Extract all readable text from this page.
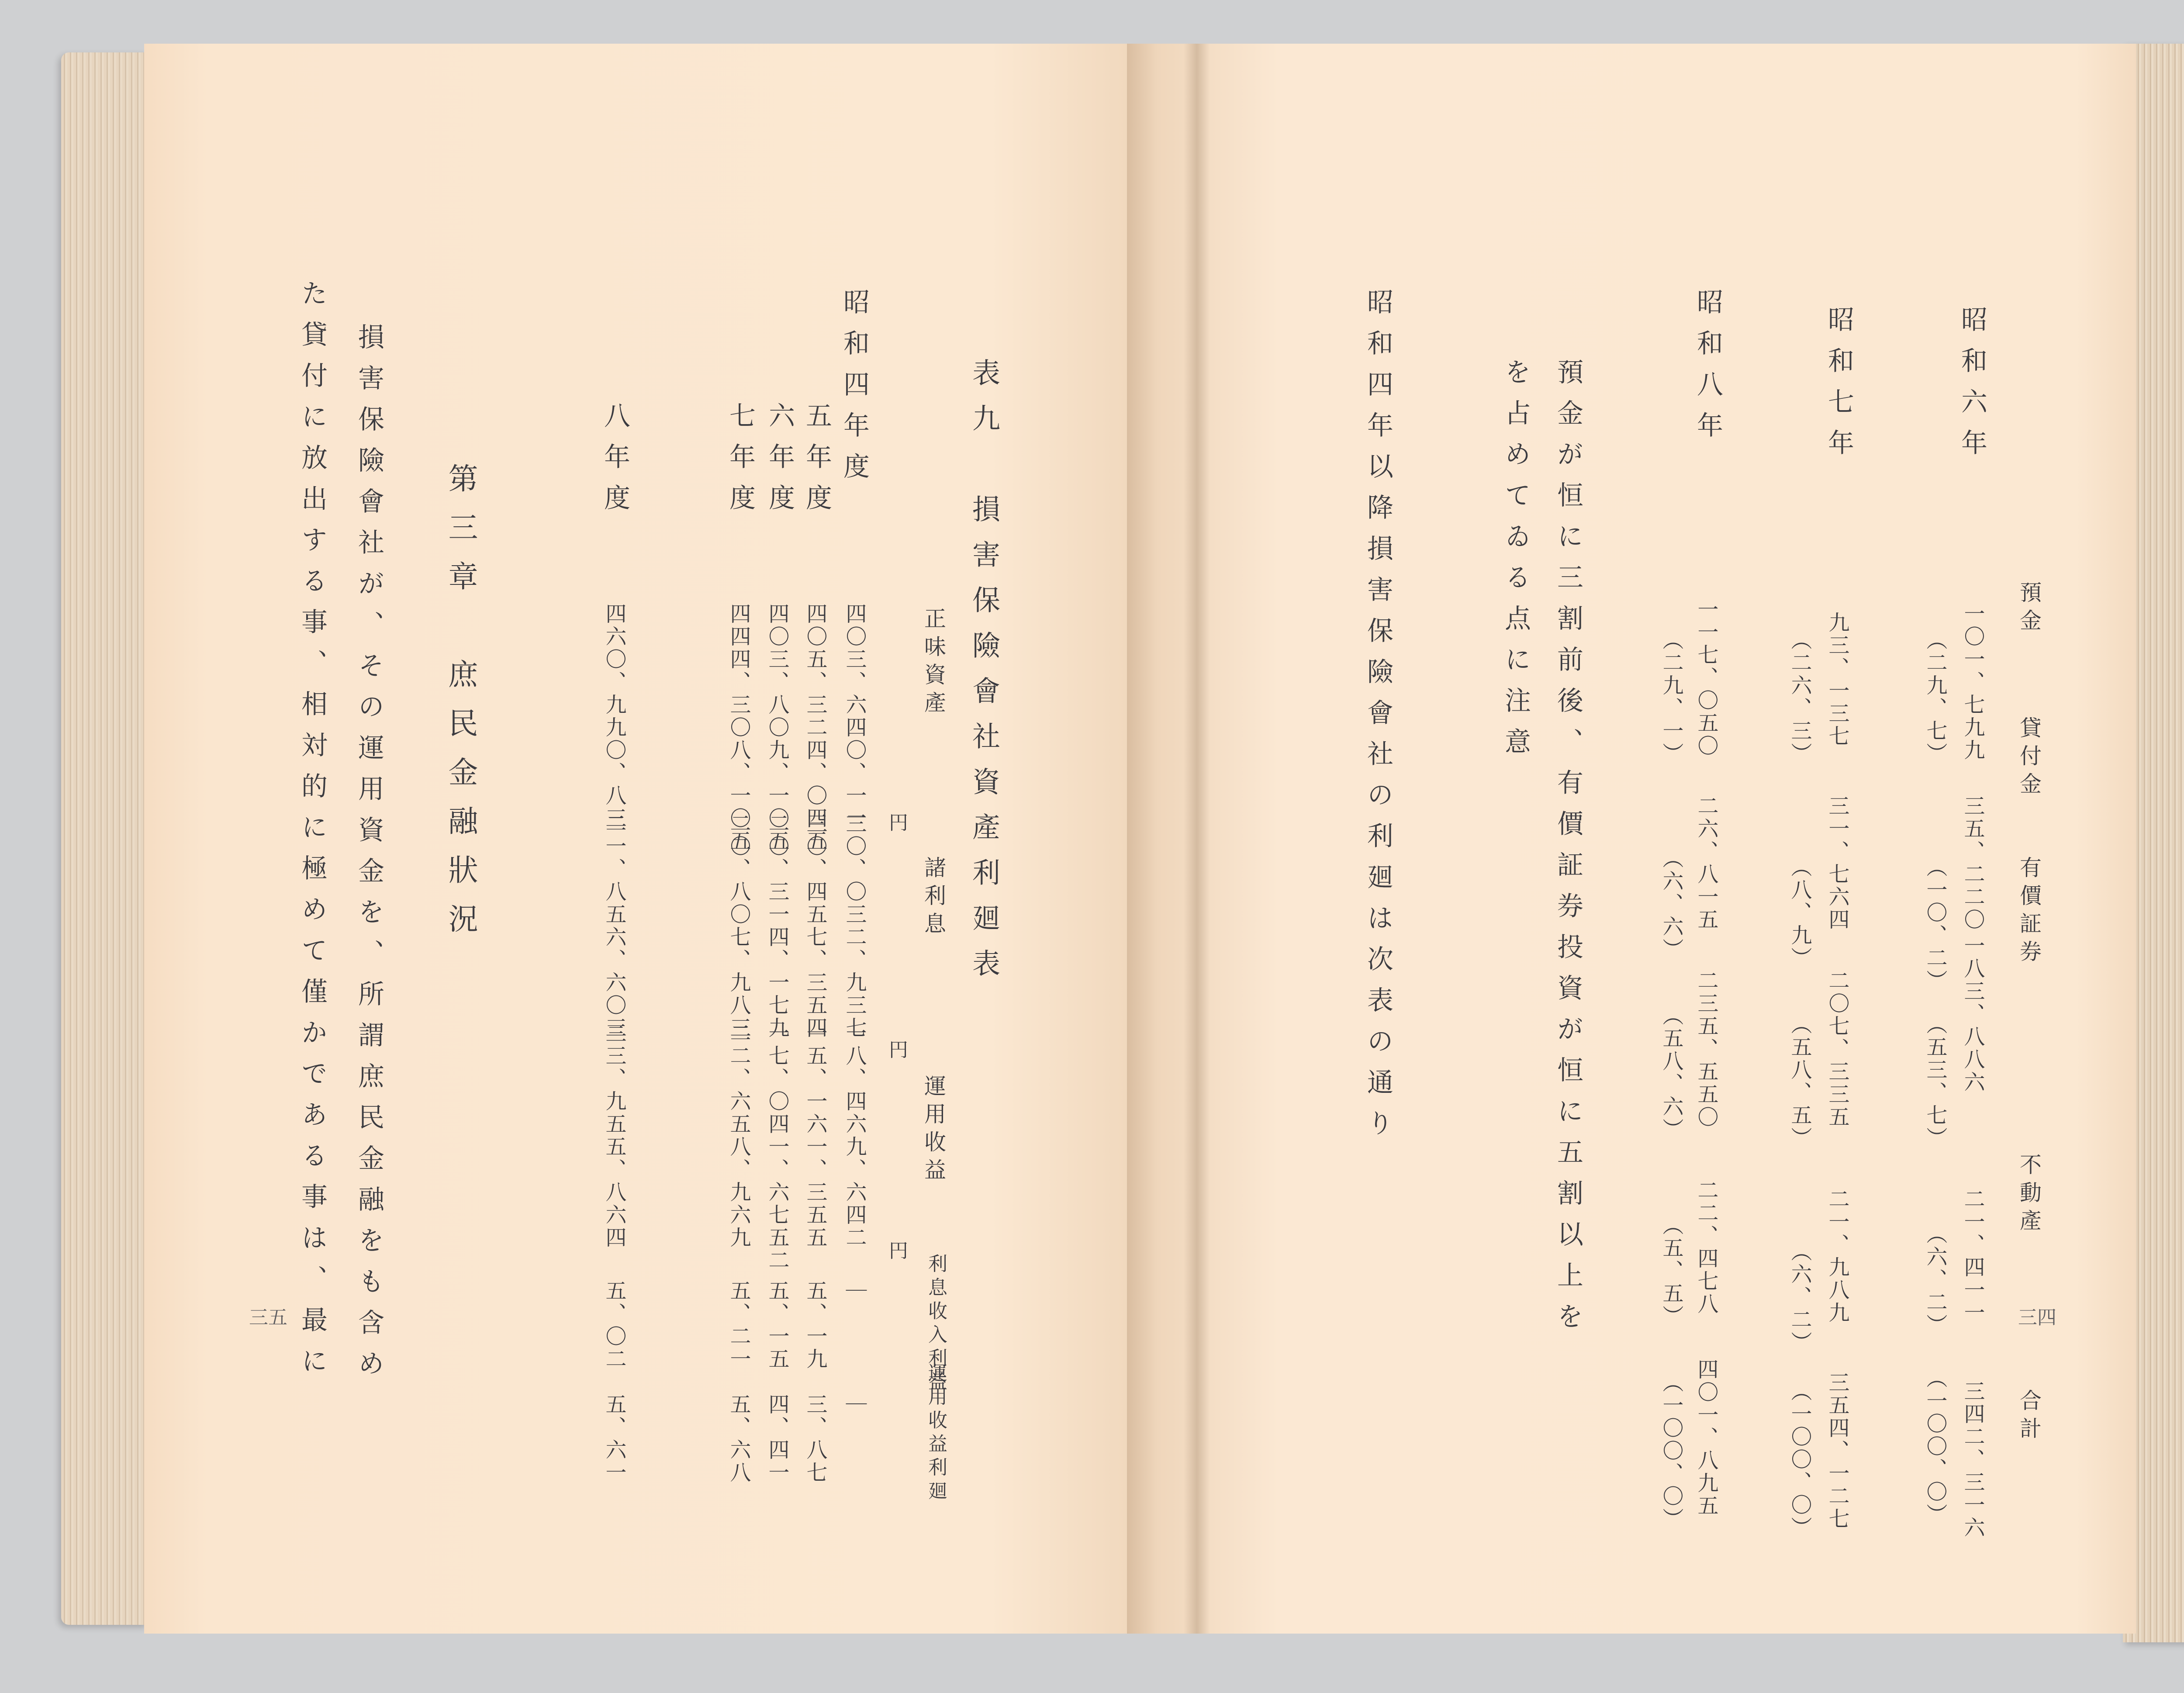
表九　損害保險會社資產利廻表
正味資產
諸利息
運用收益
利息收入利益
運用收益利廻
円
円
円
昭和四年度
四〇三、六四〇、一一
三〇、〇三二、九三七
一八、四六九、六四二
｜
｜
五年度
四〇五、三二四、〇四五
三〇、四五七、三五四
一五、一六一、三五五
五、一九
三、八七
六年度
四〇三、八〇九、一〇五
二〇、三一四、一七九
一七、〇四一、六七五二
五、一五
四、四一
七年度
四四四、三〇八、一〇五
二〇、八〇七、九八三
二二、六五八、九六九
五、二一
五、六八
八年度
四六〇、九九〇、八三
二一、八五六、六〇三
三三、九五五、八六四
五、〇二
五、六一
第三章　庶民金融狀況
損害保險會社が、その運用資金を、所謂庶民金融をも含め
た貸付に放出する事、相対的に極めて僅かである事は、最に
三五
預金
貸付金
有價証券
不動產
合計
昭和六年
一〇一、七九九
三五、二二〇
一八三、八八六
二一、四一一
三四二、三一六
（二九、七）
（一〇、二）
（五三、七）
（六、二）
（一〇〇、〇）
昭和七年
九三、一三七
三一、七六四
二〇七、三三五
二一、九八九
三五四、一二七
（二六、三）
（八、九）
（五八、五）
（六、二）
（一〇〇、〇）
昭和八年
一一七、〇五〇
二六、八一五
二三五、五五〇
二二、四七八
四〇一、八九五
（二九、一）
（六、六）
（五八、六）
（五、五）
（一〇〇、〇）
預金が恒に三割前後、有價証券投資が恒に五割以上を
を占めてゐる点に注意
昭和四年以降損害保險會社の利廻は次表の通り
三四
